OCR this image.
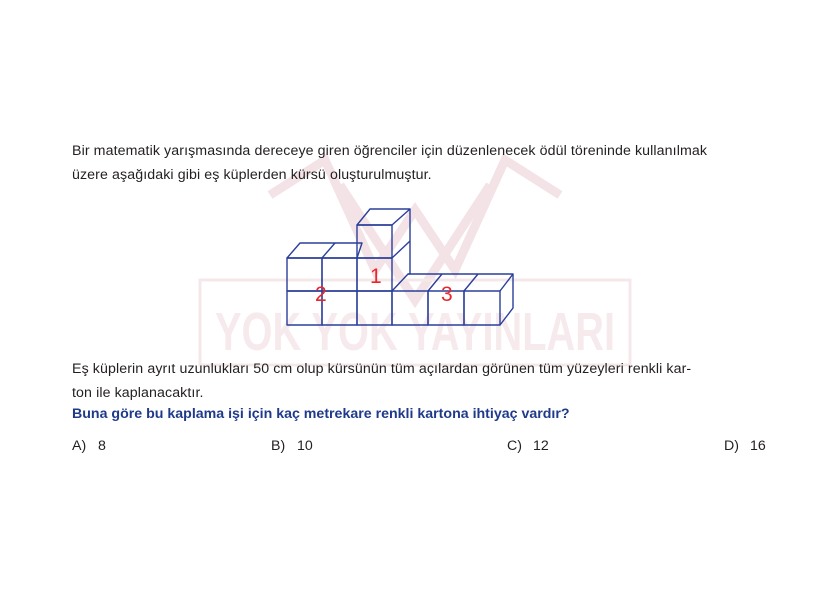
YOK YOK YAYINLARI
Bir matematik yarışmasında dereceye giren öğrenciler için düzenlenecek ödül töreninde kullanılmak
üzere aşağıdaki gibi eş küplerden kürsü oluşturulmuştur.
1
2	3
Eş küplerin ayrıt uzunlukları 50 cm olup kürsünün tüm açılardan görünen tüm yüzeyleri renkli kar-
ton ile kaplanacaktır.
Buna göre bu kaplama işi için kaç metrekare renkli kartona ihtiyaç vardır?
A) 8	B) 10	C) 12	D) 16
